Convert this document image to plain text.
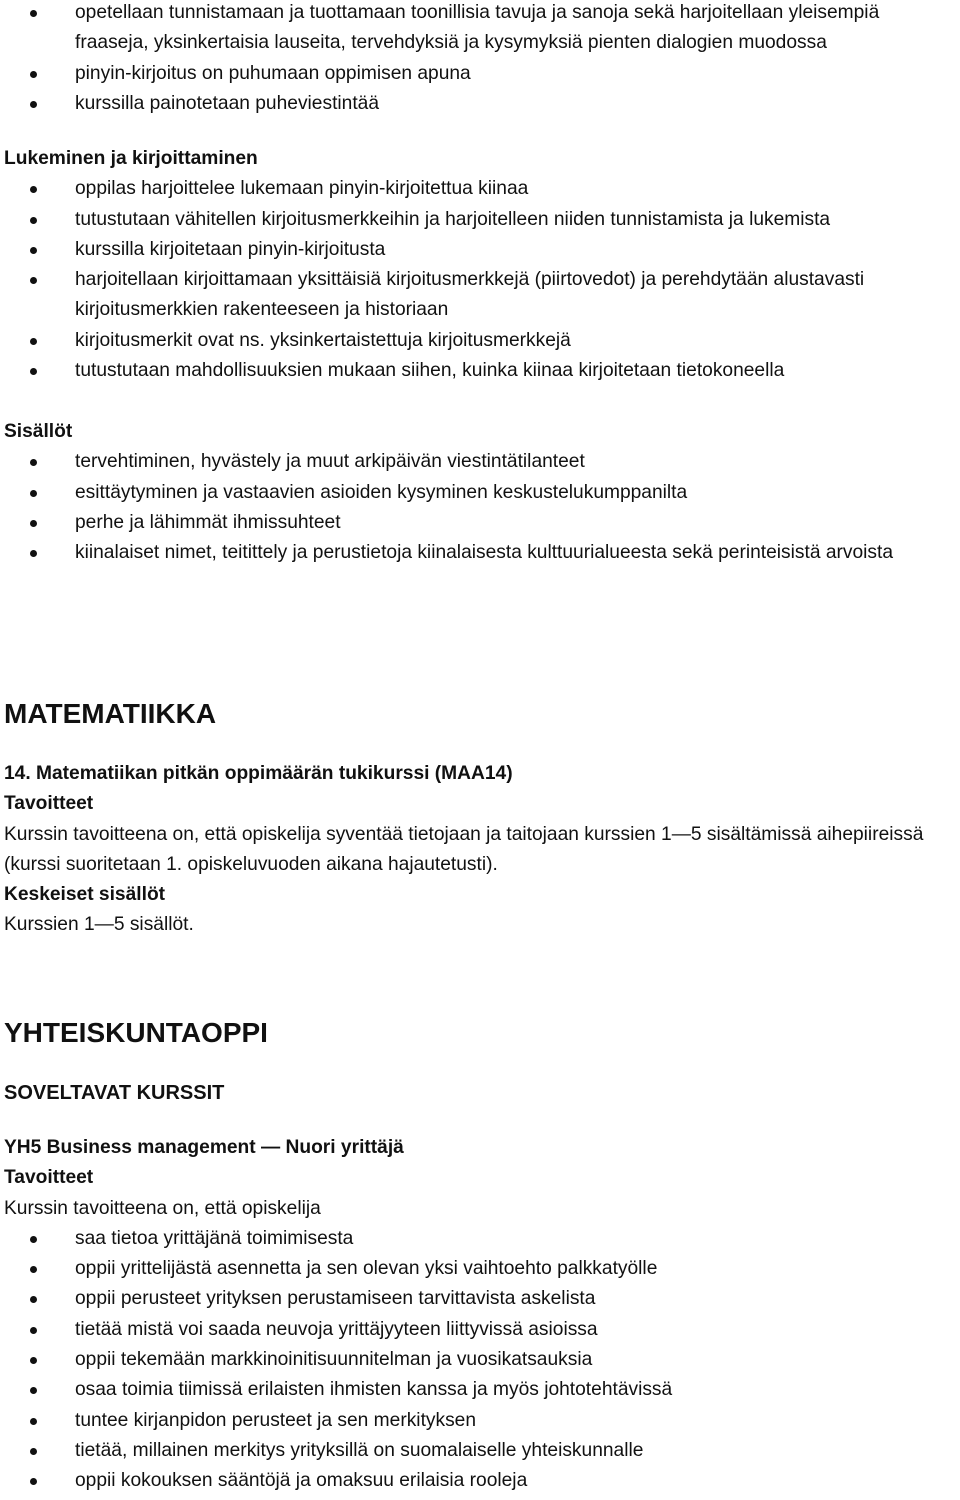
opetellaan tunnistamaan ja tuottamaan toonillisia tavuja ja sanoja sekä harjoitellaan yleisempiä fraaseja, yksinkertaisia lauseita, tervehdyksiä ja kysymyksiä pienten dialogien muodossa
pinyin-kirjoitus on puhumaan oppimisen apuna
kurssilla painotetaan puheviestintää

Lukeminen ja kirjoittaminen

oppilas harjoittelee lukemaan pinyin-kirjoitettua kiinaa
tutustutaan vähitellen kirjoitusmerkkeihin ja harjoitelleen niiden tunnistamista ja lukemista
kurssilla kirjoitetaan pinyin-kirjoitusta
harjoitellaan kirjoittamaan yksittäisiä kirjoitusmerkkejä (piirtovedot) ja perehdytään alustavasti kirjoitusmerkkien rakenteeseen ja historiaan
kirjoitusmerkit ovat ns. yksinkertaistettuja kirjoitusmerkkejä
tutustutaan mahdollisuuksien mukaan siihen, kuinka kiinaa kirjoitetaan tietokoneella

Sisällöt

tervehtiminen, hyvästely ja muut arkipäivän viestintätilanteet
esittäytyminen ja vastaavien asioiden kysyminen keskustelukumppanilta
perhe ja lähimmät ihmissuhteet
kiinalaiset nimet, teitittely ja perustietoja kiinalaisesta kulttuurialueesta sekä perinteisistä arvoista

MATEMATIIKKA

14. Matematiikan pitkän oppimäärän tukikurssi (MAA14)

Tavoitteet

Kurssin tavoitteena on, että opiskelija syventää tietojaan ja taitojaan kurssien 1—5 sisältämissä aihepiireissä (kurssi suoritetaan 1. opiskeluvuoden aikana hajautetusti).

Keskeiset sisällöt

Kurssien 1—5 sisällöt.

YHTEISKUNTAOPPI

SOVELTAVAT KURSSIT

YH5 Business management — Nuori yrittäjä

Tavoitteet

Kurssin tavoitteena on, että opiskelija

saa tietoa yrittäjänä toimimisesta
oppii yrittelijästä asennetta ja sen olevan yksi vaihtoehto palkkatyölle
oppii perusteet yrityksen perustamiseen tarvittavista askelista
tietää mistä voi saada neuvoja yrittäjyyteen liittyvissä asioissa
oppii tekemään markkinoinitisuunnitelman ja vuosikatsauksia
osaa toimia tiimissä erilaisten ihmisten kanssa ja myös johtotehtävissä
tuntee kirjanpidon perusteet ja sen merkityksen
tietää, millainen merkitys yrityksillä on suomalaiselle yhteiskunnalle
oppii kokouksen sääntöjä ja omaksuu erilaisia rooleja
